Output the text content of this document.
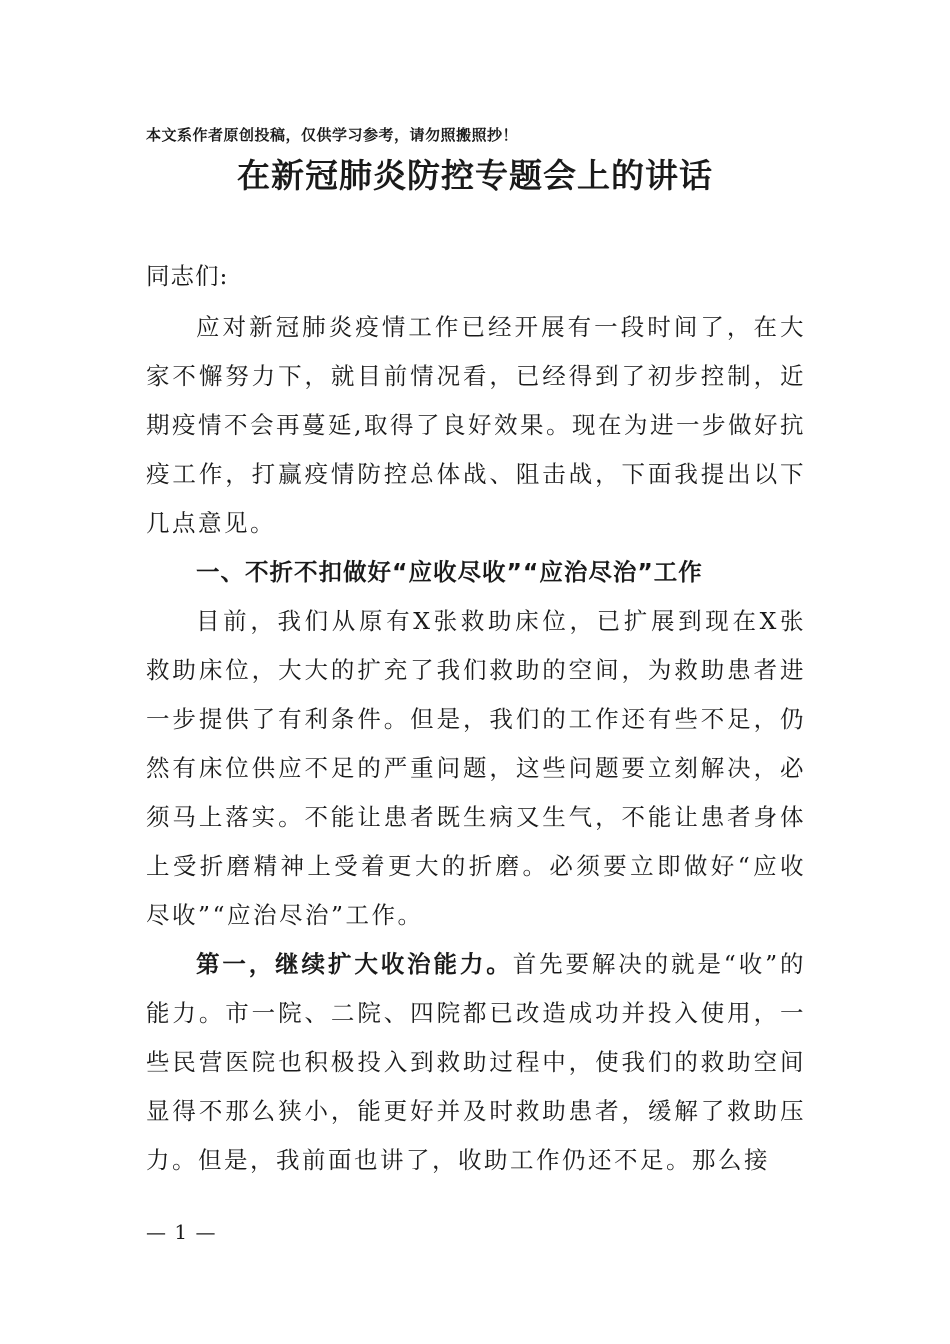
本文系作者原创投稿，仅供学习参考，请勿照搬照抄！
在新冠肺炎防控专题会上的讲话

同志们:

应对新冠肺炎疫情工作已经开展有一段时间了，在大家不懈努力下，就目前情况看，已经得到了初步控制，近期疫情不会再蔓延,取得了良好效果。现在为进一步做好抗疫工作，打赢疫情防控总体战、阻击战，下面我提出以下几点意见。

一、不折不扣做好“应收尽收”“应治尽治”工作

目前，我们从原有X张救助床位，已扩展到现在X张救助床位，大大的扩充了我们救助的空间，为救助患者进一步提供了有利条件。但是，我们的工作还有些不足，仍然有床位供应不足的严重问题，这些问题要立刻解决，必须马上落实。不能让患者既生病又生气，不能让患者身体上受折磨精神上受着更大的折磨。必须要立即做好“应收尽收”“应治尽治”工作。

第一，继续扩大收治能力。首先要解决的就是“收”的能力。市一院、二院、四院都已改造成功并投入使用，一些民营医院也积极投入到救助过程中，使我们的救助空间显得不那么狭小，能更好并及时救助患者，缓解了救助压力。但是，我前面也讲了，收助工作仍还不足。那么接

— 1 —
